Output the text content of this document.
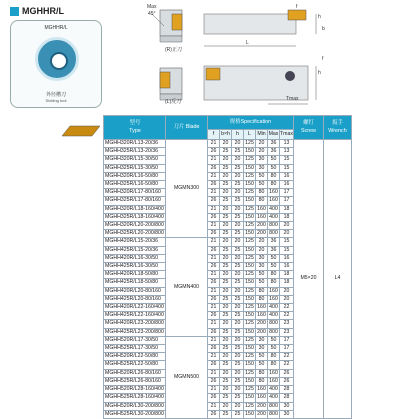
MGHHR/L
MGHHR/L
外径槽刀
Slotting tool
Max
45°
(R)正刀
(L)反刀
L
h
h
b
f
Tmax
f
型号
Type	刀片 Blade	规格Specification							螺钉
Screw	扳手
Wrench
		f	b×h	h	L	Min	Max	Tmax		
MGHH320R/L13-20/36	MGMN300	21	20	20	125	20	36	13	M5×20	L4
MGHH325R/L13-20/36		26	25	25	150	20	36	13		
MGHH320R/L15-30/50		21	20	20	125	30	50	15		
MGHH325R/L15-30/50		26	25	25	150	30	50	15		
MGHH320R/L16-50/80		21	20	20	125	50	80	16		
MGHH325R/L16-50/80		26	25	25	150	50	80	16		
MGHH320R/L17-80/160		21	20	20	125	80	160	17		
MGHH325R/L17-80/160		26	25	25	150	80	160	17		
MGHH320R/L18-160/400		21	20	20	125	160	400	18		
MGHH325R/L18-160/400		26	25	25	150	160	400	18		
MGHH320R/L20-200/800		21	20	20	125	200	800	20		
MGHH325R/L20-200/800		26	25	25	150	200	800	20		
MGHH420R/L15-20/36	MGMN400	21	20	20	125	20	36	15		
MGHH425R/L15-20/36		26	25	25	150	20	36	15		
MGHH420R/L16-30/50		21	20	20	125	30	50	16		
MGHH425R/L16-30/50		26	25	25	150	30	50	16		
MGHH420R/L18-50/80		21	20	20	125	50	80	18		
MGHH425R/L18-50/80		26	25	25	150	50	80	18		
MGHH420R/L20-80/160		21	20	20	125	80	160	20		
MGHH425R/L20-80/160		26	25	25	150	80	160	20		
MGHH420R/L22-160/400		21	20	20	125	160	400	22		
MGHH425R/L22-160/400		26	25	25	150	160	400	22		
MGHH420R/L23-200/800		21	20	20	125	200	800	23		
MGHH425R/L23-200/800		26	25	25	150	200	800	23		
MGHH520R/L17-30/50	MGMN500	21	20	20	125	30	50	17		
MGHH525R/L17-30/50		26	25	25	150	30	50	17		
MGHH520R/L22-50/80		21	20	20	125	50	80	22		
MGHH525R/L22-50/80		26	25	25	150	50	80	22		
MGHH520R/L26-80/160		21	20	20	125	80	160	26		
MGHH525R/L26-80/160		26	25	25	150	80	160	26		
MGHH520R/L28-160/400		21	20	20	125	160	400	28		
MGHH525R/L28-160/400		26	25	25	150	160	400	28		
MGHH520R/L30-200/800		21	20	20	125	200	800	30		
MGHH525R/L30-200/800		26	25	25	150	200	800	30		
